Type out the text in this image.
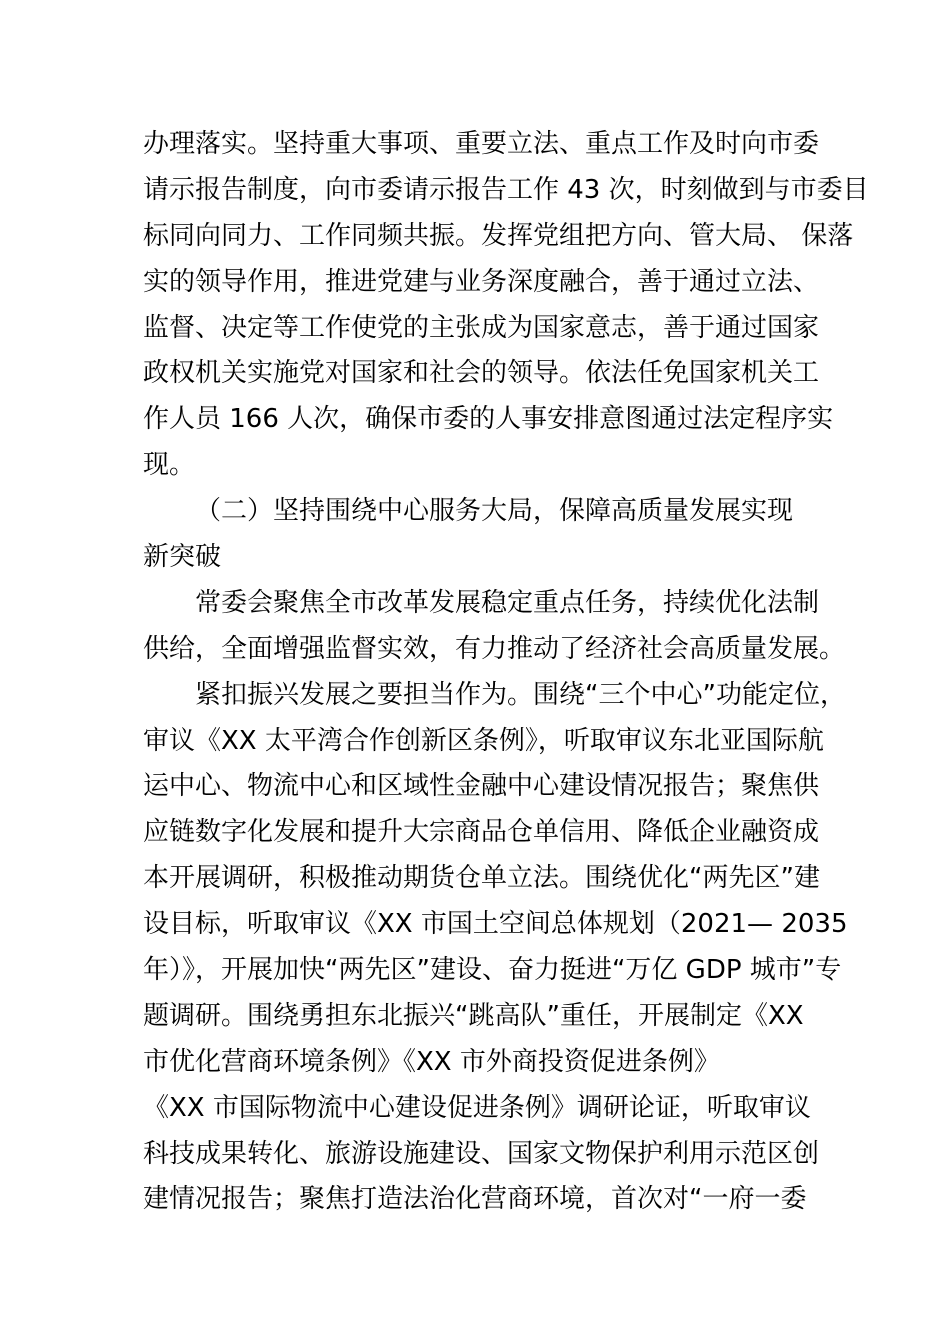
办理落实。坚持重大事项、重要立法、重点工作及时向市委
请示报告制度，向市委请示报告工作 43 次，时刻做到与市委目
标同向同力、工作同频共振。发挥党组把方向、管大局、 保落
实的领导作用，推进党建与业务深度融合，善于通过立法、
监督、决定等工作使党的主张成为国家意志，善于通过国家
政权机关实施党对国家和社会的领导。依法任免国家机关工
作人员 166 人次，确保市委的人事安排意图通过法定程序实
现。
（二）坚持围绕中心服务大局，保障高质量发展实现
新突破
常委会聚焦全市改革发展稳定重点任务，持续优化法制
供给，全面增强监督实效，有力推动了经济社会高质量发展。
紧扣振兴发展之要担当作为。围绕“三个中心”功能定位，
审议《XX 太平湾合作创新区条例》，听取审议东北亚国际航
运中心、物流中心和区域性金融中心建设情况报告；聚焦供
应链数字化发展和提升大宗商品仓单信用、降低企业融资成
本开展调研，积极推动期货仓单立法。围绕优化“两先区”建
设目标，听取审议《XX 市国土空间总体规划（2021— 2035
年）》，开展加快“两先区”建设、奋力挺进“万亿 GDP 城市”专
题调研。围绕勇担东北振兴“跳高队”重任，开展制定《XX
市优化营商环境条例》《XX 市外商投资促进条例》
《XX 市国际物流中心建设促进条例》调研论证，听取审议
科技成果转化、旅游设施建设、国家文物保护利用示范区创
建情况报告；聚焦打造法治化营商环境，首次对“一府一委
